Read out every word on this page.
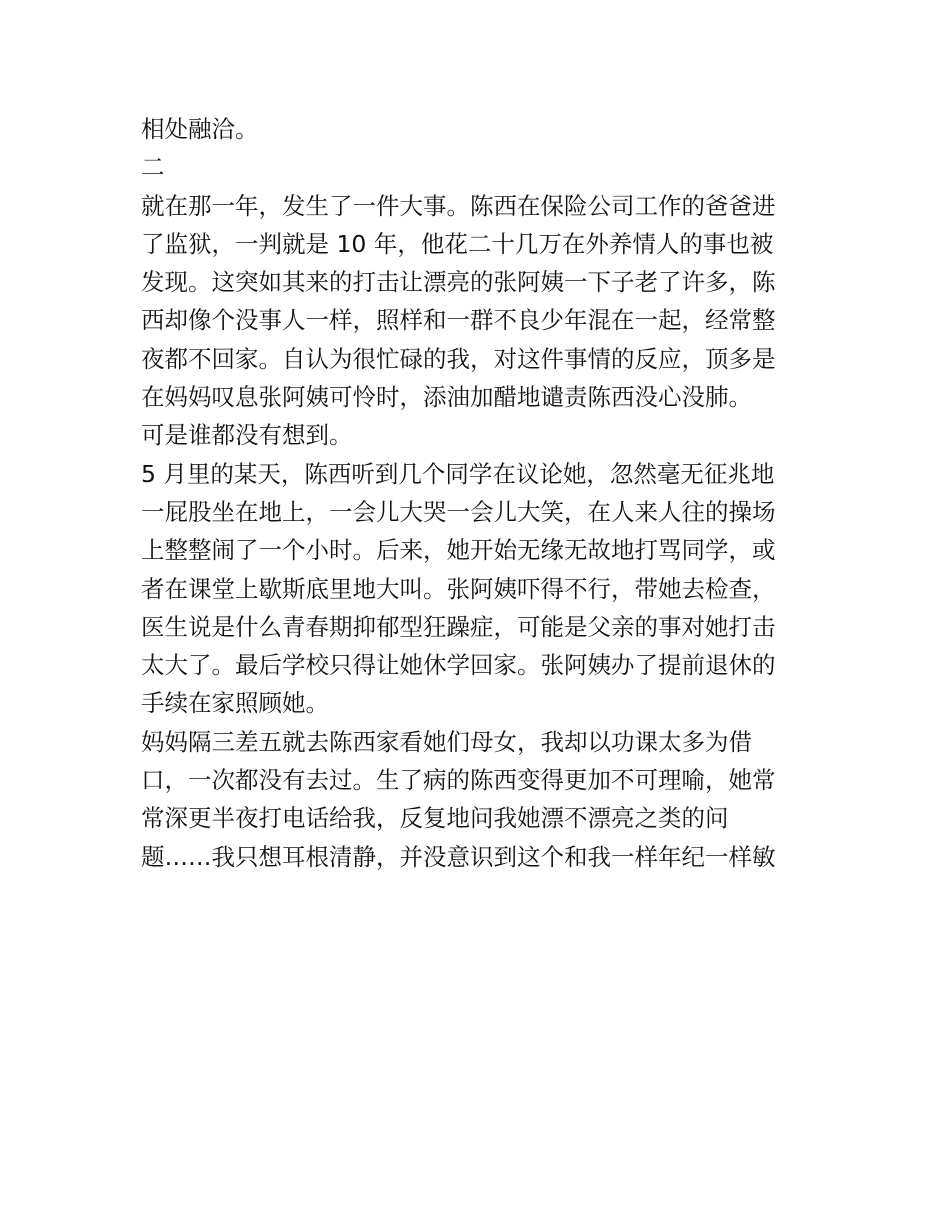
相处融洽。

二

就在那一年，发生了一件大事。陈西在保险公司工作的爸爸进
了监狱，一判就是 10 年，他花二十几万在外养情人的事也被
发现。这突如其来的打击让漂亮的张阿姨一下子老了许多，陈
西却像个没事人一样，照样和一群不良少年混在一起，经常整
夜都不回家。自认为很忙碌的我，对这件事情的反应，顶多是
在妈妈叹息张阿姨可怜时，添油加醋地谴责陈西没心没肺。

可是谁都没有想到。

5 月里的某天，陈西听到几个同学在议论她，忽然毫无征兆地
一屁股坐在地上，一会儿大哭一会儿大笑，在人来人往的操场
上整整闹了一个小时。后来，她开始无缘无故地打骂同学，或
者在课堂上歇斯底里地大叫。张阿姨吓得不行，带她去检查，
医生说是什么青春期抑郁型狂躁症，可能是父亲的事对她打击
太大了。最后学校只得让她休学回家。张阿姨办了提前退休的
手续在家照顾她。

妈妈隔三差五就去陈西家看她们母女，我却以功课太多为借
口，一次都没有去过。生了病的陈西变得更加不可理喻，她常
常深更半夜打电话给我，反复地问我她漂不漂亮之类的问
题……我只想耳根清静，并没意识到这个和我一样年纪一样敏
